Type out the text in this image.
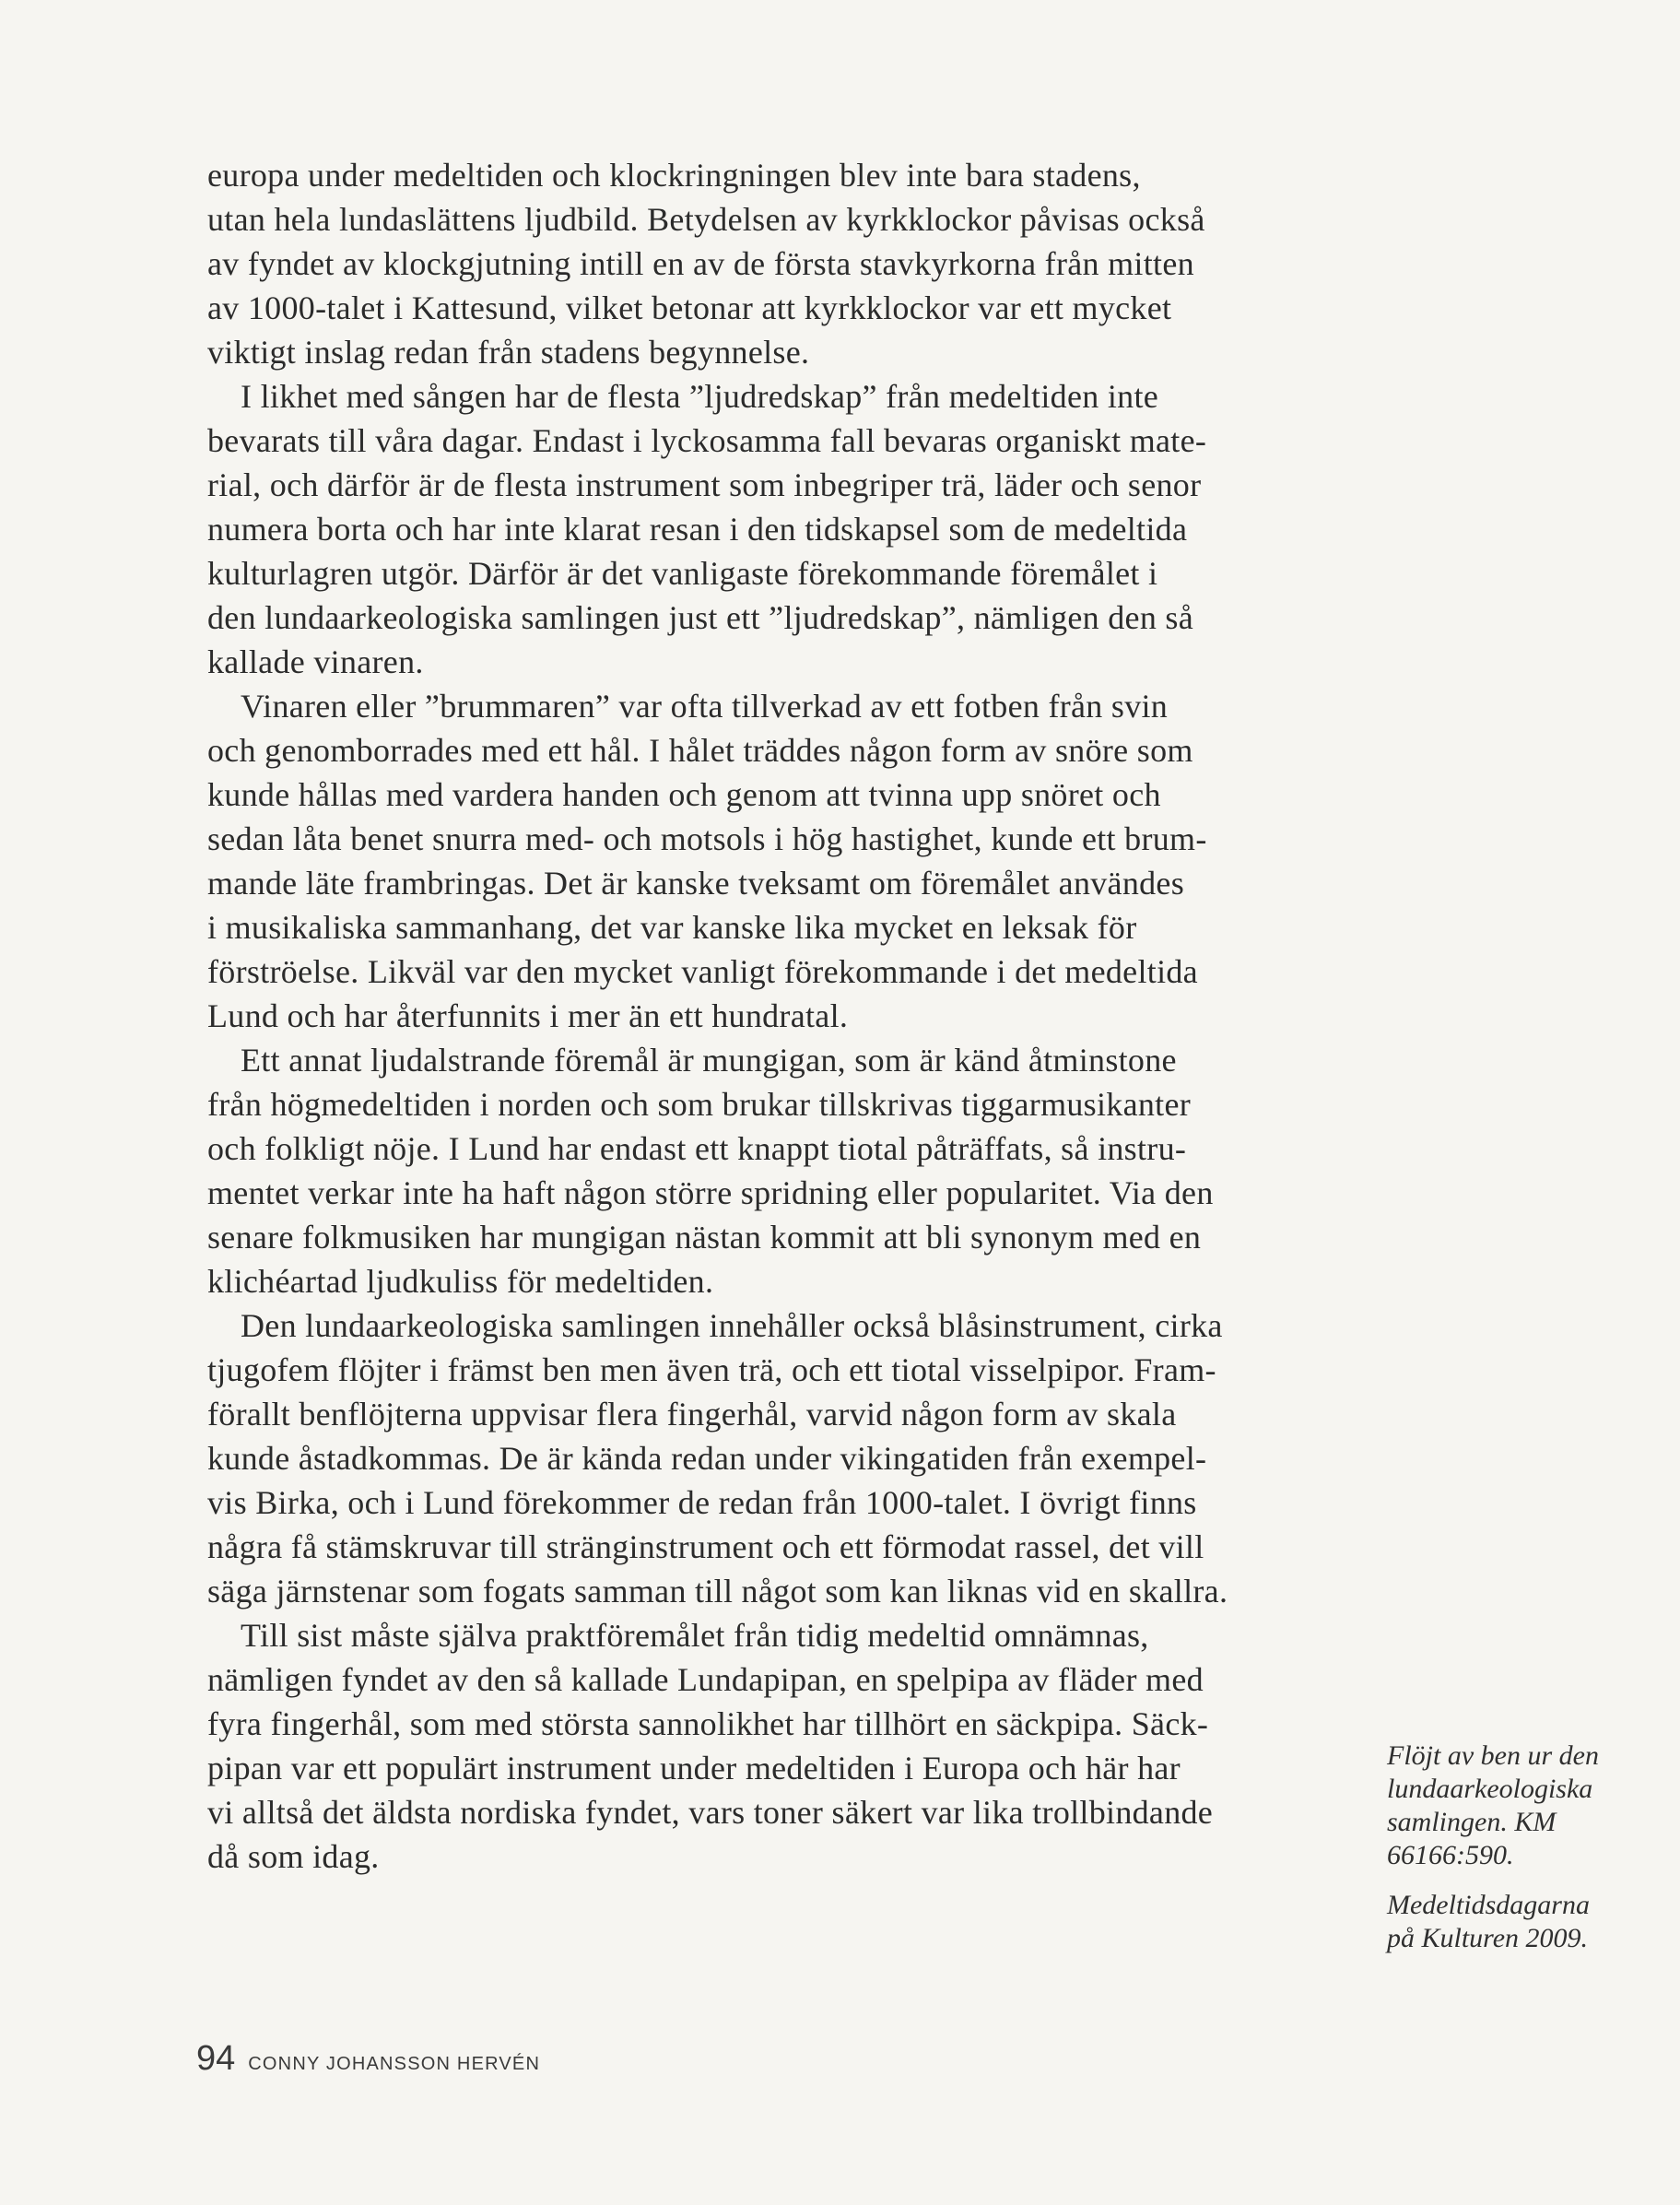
europa under medeltiden och klockringningen blev inte bara stadens,
utan hela lundaslättens ljudbild. Betydelsen av kyrkklockor påvisas också
av fyndet av klockgjutning intill en av de första stavkyrkorna från mitten
av 1000-talet i Kattesund, vilket betonar att kyrkklockor var ett mycket
viktigt inslag redan från stadens begynnelse.
I likhet med sången har de flesta ”ljudredskap” från medeltiden inte
bevarats till våra dagar. Endast i lyckosamma fall bevaras organiskt mate-
rial, och därför är de flesta instrument som inbegriper trä, läder och senor
numera borta och har inte klarat resan i den tidskapsel som de medeltida
kulturlagren utgör. Därför är det vanligaste förekommande föremålet i
den lundaarkeologiska samlingen just ett ”ljudredskap”, nämligen den så
kallade vinaren.
Vinaren eller ”brummaren” var ofta tillverkad av ett fotben från svin
och genomborrades med ett hål. I hålet träddes någon form av snöre som
kunde hållas med vardera handen och genom att tvinna upp snöret och
sedan låta benet snurra med- och motsols i hög hastighet, kunde ett brum-
mande läte frambringas. Det är kanske tveksamt om föremålet användes
i musikaliska sammanhang, det var kanske lika mycket en leksak för
förströelse. Likväl var den mycket vanligt förekommande i det medeltida
Lund och har återfunnits i mer än ett hundratal.
Ett annat ljudalstrande föremål är mungigan, som är känd åtminstone
från högmedeltiden i norden och som brukar tillskrivas tiggarmusikanter
och folkligt nöje. I Lund har endast ett knappt tiotal påträffats, så instru-
mentet verkar inte ha haft någon större spridning eller popularitet. Via den
senare folkmusiken har mungigan nästan kommit att bli synonym med en
klichéartad ljudkuliss för medeltiden.
Den lundaarkeologiska samlingen innehåller också blåsinstrument, cirka
tjugofem flöjter i främst ben men även trä, och ett tiotal visselpipor. Fram-
förallt benflöjterna uppvisar flera fingerhål, varvid någon form av skala
kunde åstadkommas. De är kända redan under vikingatiden från exempel-
vis Birka, och i Lund förekommer de redan från 1000-talet. I övrigt finns
några få stämskruvar till stränginstrument och ett förmodat rassel, det vill
säga järnstenar som fogats samman till något som kan liknas vid en skallra.
Till sist måste själva praktföremålet från tidig medeltid omnämnas,
nämligen fyndet av den så kallade Lundapipan, en spelpipa av fläder med
fyra fingerhål, som med största sannolikhet har tillhört en säckpipa. Säck-
pipan var ett populärt instrument under medeltiden i Europa och här har
vi alltså det äldsta nordiska fyndet, vars toner säkert var lika trollbindande
då som idag.
Flöjt av ben ur den
lundaarkeologiska
samlingen. KM
66166:590.
Medeltidsdagarna
på Kulturen 2009.
94 CONNY JOHANSSON HERVÉN
